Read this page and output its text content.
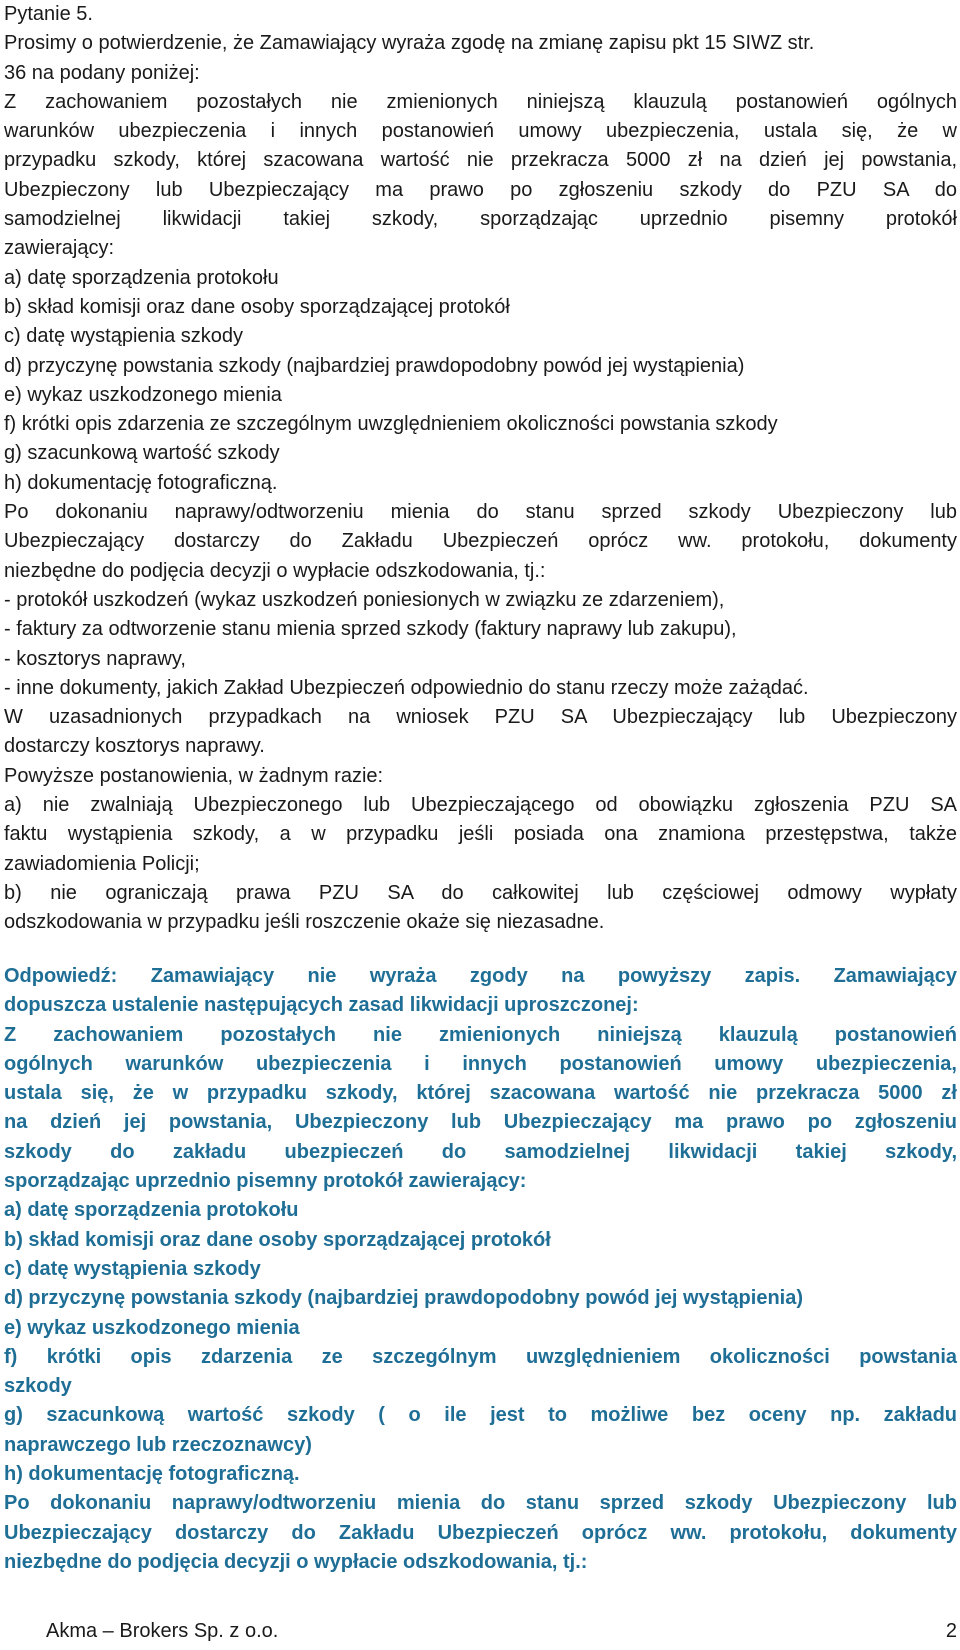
Pytanie 5.
Prosimy o potwierdzenie, że Zamawiający wyraża zgodę na zmianę zapisu pkt 15 SIWZ str.
36 na podany poniżej:
Z zachowaniem pozostałych nie zmienionych niniejszą klauzulą postanowień ogólnych
warunków ubezpieczenia i innych postanowień umowy ubezpieczenia, ustala się, że w
przypadku szkody, której szacowana wartość nie przekracza 5000 zł na dzień jej powstania,
Ubezpieczony lub Ubezpieczający ma prawo po zgłoszeniu szkody do PZU SA do
samodzielnej likwidacji takiej szkody, sporządzając uprzednio pisemny protokół
zawierający:
a) datę sporządzenia protokołu
b) skład komisji oraz dane osoby sporządzającej protokół
c) datę wystąpienia szkody
d) przyczynę powstania szkody (najbardziej prawdopodobny powód jej wystąpienia)
e) wykaz uszkodzonego mienia
f) krótki opis zdarzenia ze szczególnym uwzględnieniem okoliczności powstania szkody
g) szacunkową wartość szkody
h) dokumentację fotograficzną.
Po dokonaniu naprawy/odtworzeniu mienia do stanu sprzed szkody Ubezpieczony lub
Ubezpieczający dostarczy do Zakładu Ubezpieczeń oprócz ww. protokołu, dokumenty
niezbędne do podjęcia decyzji o wypłacie odszkodowania, tj.:
- protokół uszkodzeń (wykaz uszkodzeń poniesionych w związku ze zdarzeniem),
- faktury za odtworzenie stanu mienia sprzed szkody (faktury naprawy lub zakupu),
- kosztorys naprawy,
- inne dokumenty, jakich Zakład Ubezpieczeń odpowiednio do stanu rzeczy może zażądać.
W uzasadnionych przypadkach na wniosek PZU SA Ubezpieczający lub Ubezpieczony
dostarczy kosztorys naprawy.
Powyższe postanowienia, w żadnym razie:
a) nie zwalniają Ubezpieczonego lub Ubezpieczającego od obowiązku zgłoszenia PZU SA
faktu wystąpienia szkody, a w przypadku jeśli posiada ona znamiona przestępstwa, także
zawiadomienia Policji;
b) nie ograniczają prawa PZU SA do całkowitej lub częściowej odmowy wypłaty
odszkodowania w przypadku jeśli roszczenie okaże się niezasadne.
Odpowiedź: Zamawiający nie wyraża zgody na powyższy zapis. Zamawiający
dopuszcza ustalenie następujących zasad likwidacji uproszczonej:
Z zachowaniem pozostałych nie zmienionych niniejszą klauzulą postanowień
ogólnych warunków ubezpieczenia i innych postanowień umowy ubezpieczenia,
ustala się, że w przypadku szkody, której szacowana wartość nie przekracza 5000 zł
na dzień jej powstania, Ubezpieczony lub Ubezpieczający ma prawo po zgłoszeniu
szkody do zakładu ubezpieczeń do samodzielnej likwidacji takiej szkody,
sporządzając uprzednio pisemny protokół zawierający:
a) datę sporządzenia protokołu
b) skład komisji oraz dane osoby sporządzającej protokół
c) datę wystąpienia szkody
d) przyczynę powstania szkody (najbardziej prawdopodobny powód jej wystąpienia)
e) wykaz uszkodzonego mienia
f) krótki opis zdarzenia ze szczególnym uwzględnieniem okoliczności powstania
szkody
g) szacunkową wartość szkody ( o ile jest to możliwe bez oceny np. zakładu
naprawczego lub rzeczoznawcy)
h) dokumentację fotograficzną.
Po dokonaniu naprawy/odtworzeniu mienia do stanu sprzed szkody Ubezpieczony lub
Ubezpieczający dostarczy do Zakładu Ubezpieczeń oprócz ww. protokołu, dokumenty
niezbędne do podjęcia decyzji o wypłacie odszkodowania, tj.:
Akma – Brokers Sp. z o.o.	2
